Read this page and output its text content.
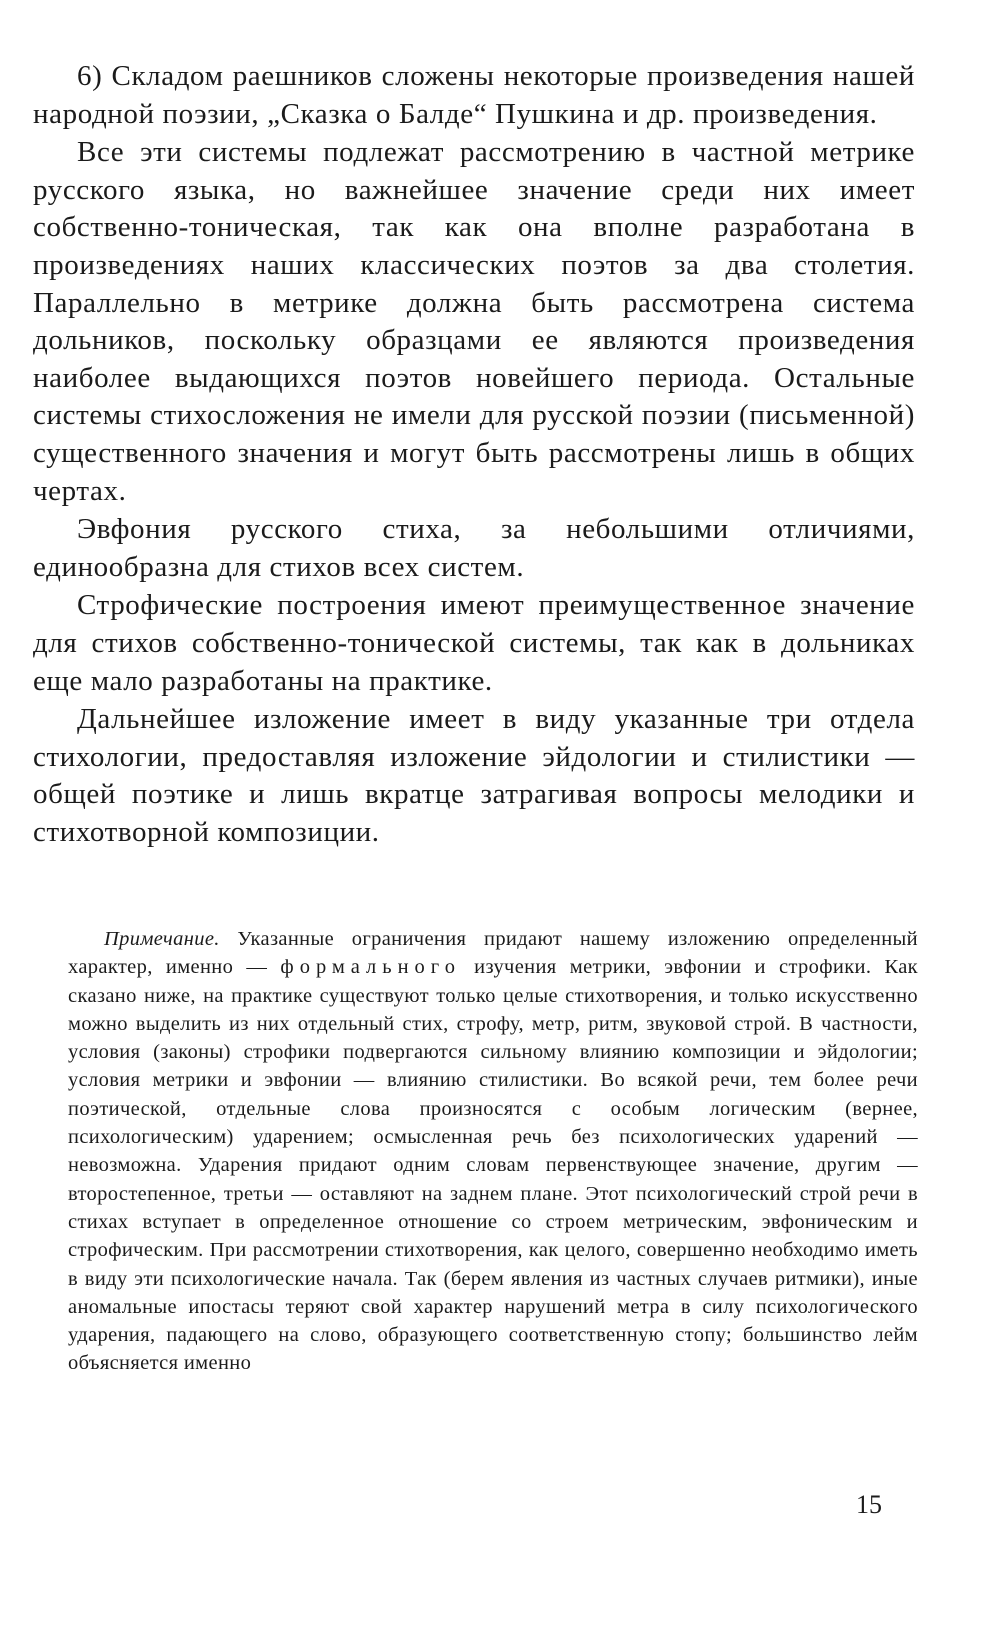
6) Складом раешников сложены некоторые произведения нашей народной поэзии, „Сказка о Балде“ Пушкина и др. произведения.

Все эти системы подлежат рассмотрению в частной метрике русского языка, но важнейшее значение среди них имеет собственно-тоническая, так как она вполне разработана в произведениях наших классических поэтов за два столетия. Параллельно в метрике должна быть рассмотрена система дольников, поскольку образцами ее являются произведения наиболее выдающихся поэтов новейшего периода. Остальные системы стихосложения не имели для русской поэзии (письменной) существенного значения и могут быть рассмотрены лишь в общих чертах.

Эвфония русского стиха, за небольшими отличиями, единообразна для стихов всех систем.

Строфические построения имеют преимущественное значение для стихов собственно-тонической системы, так как в дольниках еще мало разработаны на практике.

Дальнейшее изложение имеет в виду указанные три отдела стихологии, предоставляя изложение эйдологии и стилистики — общей поэтике и лишь вкратце затрагивая вопросы мелодики и стихотворной композиции.

Примечание. Указанные ограничения придают нашему изложению определенный характер, именно — формального изучения метрики, эвфонии и строфики. Как сказано ниже, на практике существуют только целые стихотворения, и только искусственно можно выделить из них отдельный стих, строфу, метр, ритм, звуковой строй. В частности, условия (законы) строфики подвергаются сильному влиянию композиции и эйдологии; условия метрики и эвфонии — влиянию стилистики. Во всякой речи, тем более речи поэтической, отдельные слова произносятся с особым логическим (вернее, психологическим) ударением; осмысленная речь без психологических ударений — невозможна. Ударения придают одним словам первенствующее значение, другим — второстепенное, третьи — оставляют на заднем плане. Этот психологический строй речи в стихах вступает в определенное отношение со строем метрическим, эвфоническим и строфическим. При рассмотрении стихотворения, как целого, совершенно необходимо иметь в виду эти психологические начала. Так (берем явления из частных случаев ритмики), иные аномальные ипостасы теряют свой характер нарушений метра в силу психологического ударения, падающего на слово, образующего соответственную стопу; большинство лейм объясняется именно

15
